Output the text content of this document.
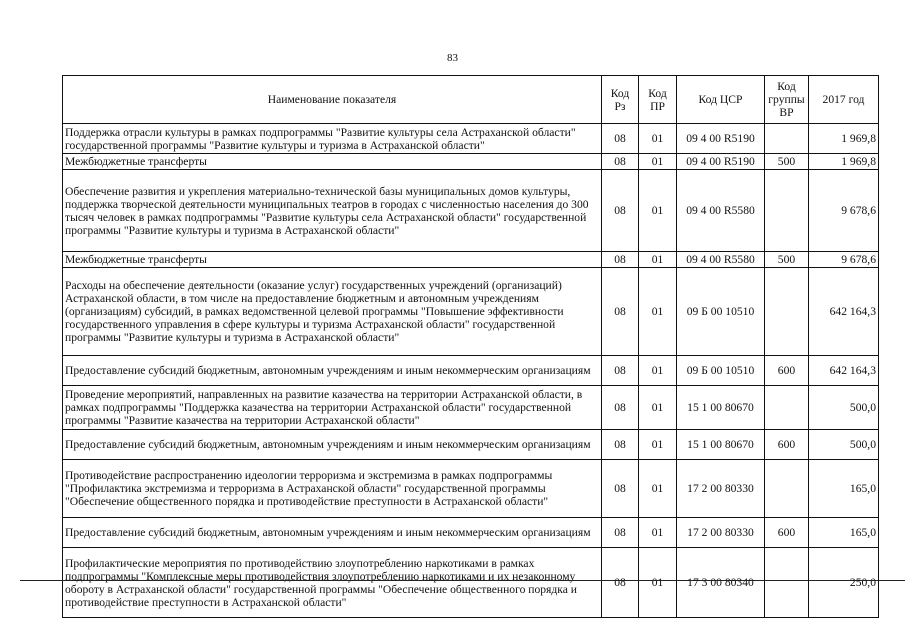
83
Наименование показателя	Код Рз	Код ПР	Код ЦСР	Код группы ВР	2017 год
Поддержка отрасли культуры в рамках подпрограммы "Развитие культуры села Астраханской области" государственной программы "Развитие культуры и туризма в Астраханской области"	08	01	09 4 00 R5190		1 969,8
Межбюджетные трансферты	08	01	09 4 00 R5190	500	1 969,8
Обеспечение развития и укрепления материально-технической базы муниципальных домов культуры, поддержка творческой деятельности муниципальных театров в городах с численностью населения до 300 тысяч человек в рамках подпрограммы "Развитие культуры села Астраханской области" государственной программы "Развитие культуры и туризма в Астраханской области"	08	01	09 4 00 R5580		9 678,6
Межбюджетные трансферты	08	01	09 4 00 R5580	500	9 678,6
Расходы на обеспечение деятельности (оказание услуг) государственных учреждений (организаций) Астраханской области, в том числе на предоставление бюджетным и автономным учреждениям (организациям) субсидий, в рамках ведомственной целевой программы "Повышение эффективности государственного управления в сфере культуры и туризма Астраханской области" государственной программы "Развитие культуры и туризма в Астраханской области"	08	01	09 Б 00 10510		642 164,3
Предоставление субсидий бюджетным, автономным учреждениям и иным некоммерческим организациям	08	01	09 Б 00 10510	600	642 164,3
Проведение мероприятий, направленных на развитие казачества на территории Астраханской области, в рамках подпрограммы "Поддержка казачества на территории Астраханской области" государственной программы "Развитие казачества на территории Астраханской области"	08	01	15 1 00 80670		500,0
Предоставление субсидий бюджетным, автономным учреждениям и иным некоммерческим организациям	08	01	15 1 00 80670	600	500,0
Противодействие распространению идеологии терроризма и экстремизма в рамках подпрограммы "Профилактика экстремизма и терроризма в Астраханской области" государственной программы "Обеспечение общественного порядка и противодействие преступности в Астраханской области"	08	01	17 2 00 80330		165,0
Предоставление субсидий бюджетным, автономным учреждениям и иным некоммерческим организациям	08	01	17 2 00 80330	600	165,0
Профилактические мероприятия по противодействию злоупотреблению наркотиками в рамках подпрограммы "Комплексные меры противодействия злоупотреблению наркотиками и их незаконному обороту в Астраханской области" государственной программы "Обеспечение общественного порядка и противодействие преступности в Астраханской области"	08	01	17 3 00 80340		250,0
